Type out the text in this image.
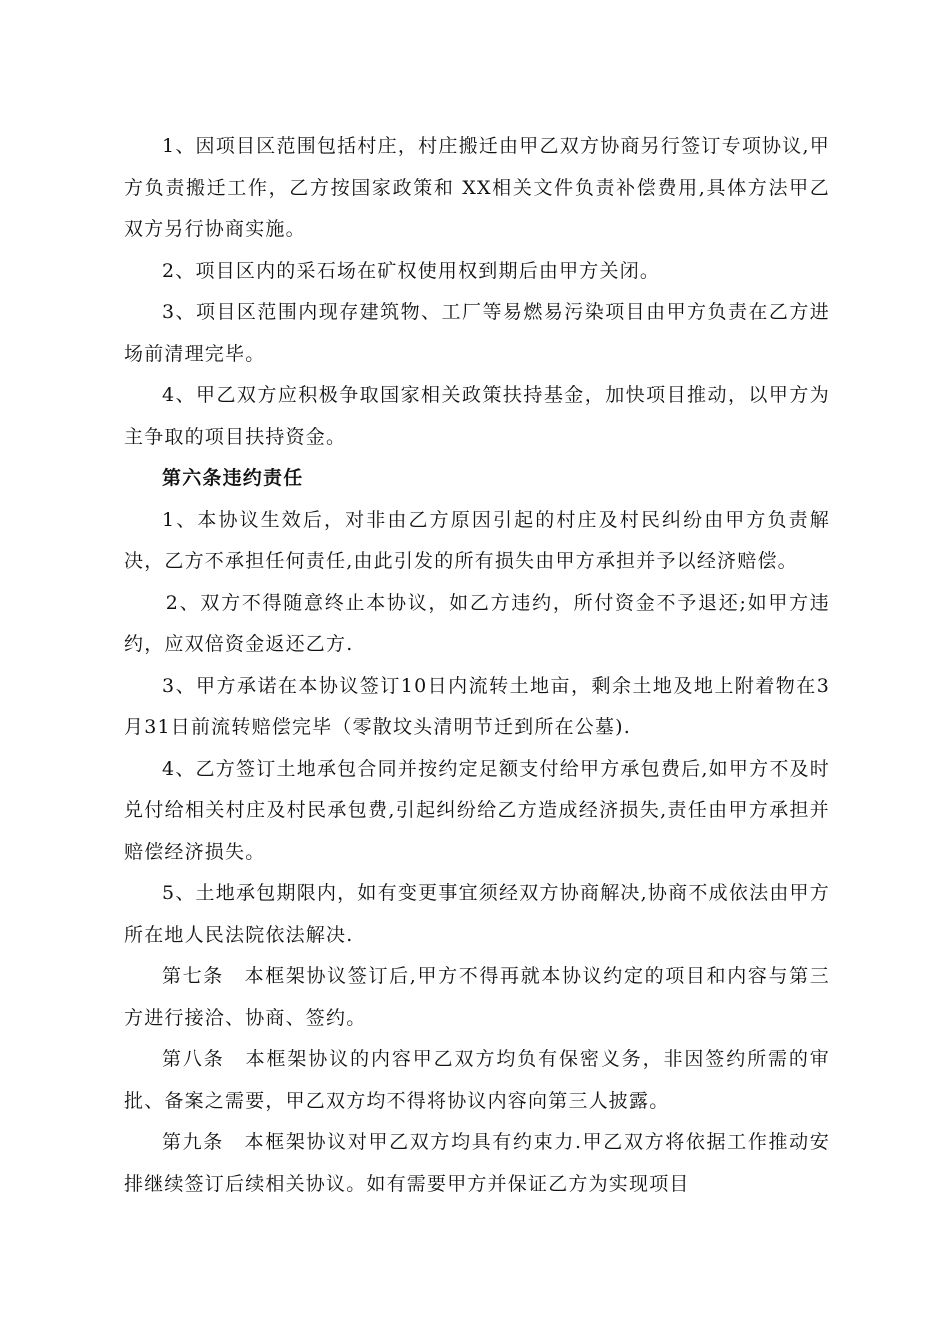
1、因项目区范围包括村庄，村庄搬迁由甲乙双方协商另行签订专项协议,甲方负责搬迁工作，乙方按国家政策和 XX相关文件负责补偿费用,具体方法甲乙双方另行协商实施。

2、项目区内的采石场在矿权使用权到期后由甲方关闭。

3、项目区范围内现存建筑物、工厂等易燃易污染项目由甲方负责在乙方进场前清理完毕。

4、甲乙双方应积极争取国家相关政策扶持基金，加快项目推动，以甲方为主争取的项目扶持资金。

第六条违约责任

1、本协议生效后，对非由乙方原因引起的村庄及村民纠纷由甲方负责解决，乙方不承担任何责任,由此引发的所有损失由甲方承担并予以经济赔偿。

2、双方不得随意终止本协议，如乙方违约，所付资金不予退还;如甲方违约，应双倍资金返还乙方.

3、甲方承诺在本协议签订10日内流转土地亩，剩余土地及地上附着物在3月31日前流转赔偿完毕（零散坟头清明节迁到所在公墓).

4、乙方签订土地承包合同并按约定足额支付给甲方承包费后,如甲方不及时兑付给相关村庄及村民承包费,引起纠纷给乙方造成经济损失,责任由甲方承担并赔偿经济损失。

5、土地承包期限内，如有变更事宜须经双方协商解决,协商不成依法由甲方所在地人民法院依法解决.

第七条　本框架协议签订后,甲方不得再就本协议约定的项目和内容与第三方进行接洽、协商、签约。

第八条　本框架协议的内容甲乙双方均负有保密义务，非因签约所需的审批、备案之需要，甲乙双方均不得将协议内容向第三人披露。

第九条　本框架协议对甲乙双方均具有约束力.甲乙双方将依据工作推动安排继续签订后续相关协议。如有需要甲方并保证乙方为实现项目
